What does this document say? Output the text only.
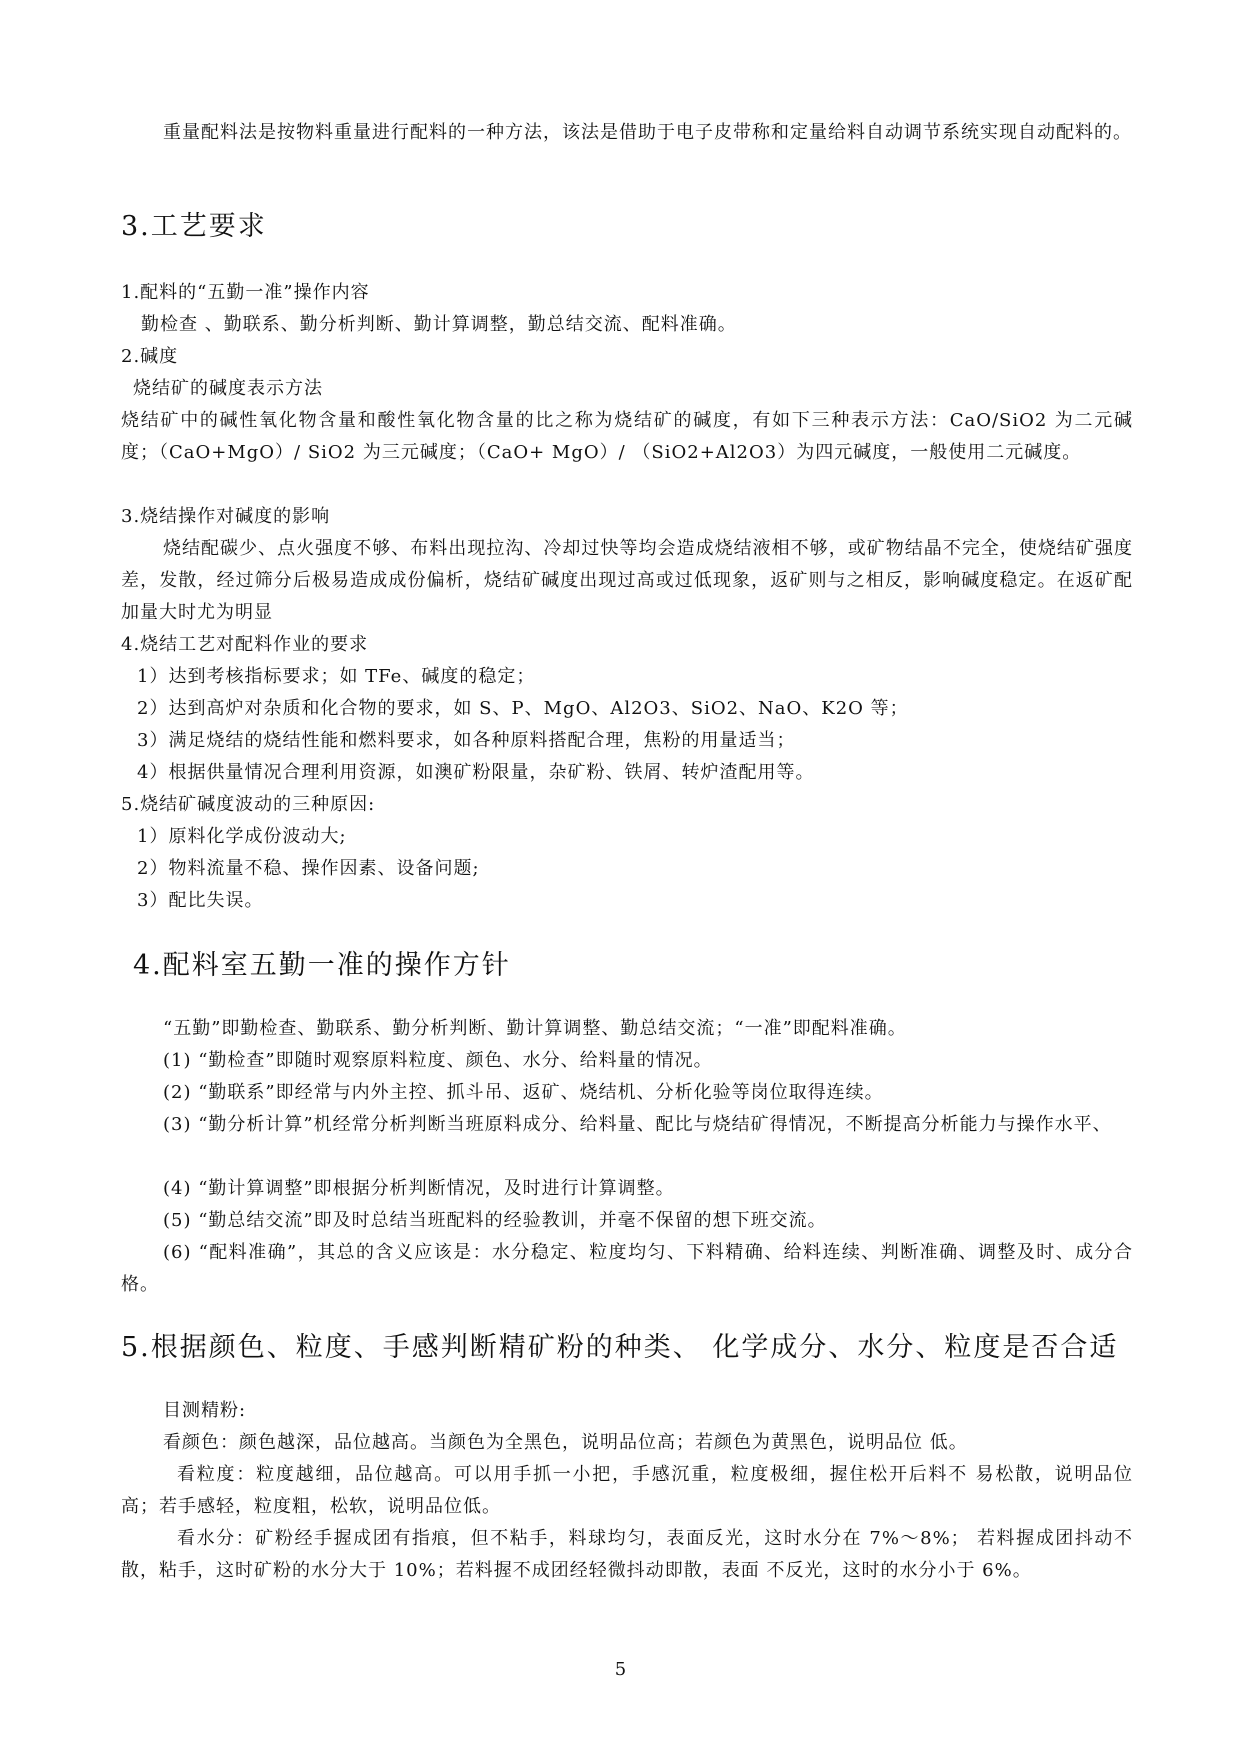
重量配料法是按物料重量进行配料的一种方法，该法是借助于电子皮带称和定量给料自动调节系统实现自动配料的。
3.工艺要求
1.配料的“五勤一准”操作内容
勤检查 、勤联系、勤分析判断、勤计算调整，勤总结交流、配料准确。
2.碱度
烧结矿的碱度表示方法
烧结矿中的碱性氧化物含量和酸性氧化物含量的比之称为烧结矿的碱度，有如下三种表示方法：CaO/SiO2 为二元碱度；（CaO+MgO）/ SiO2 为三元碱度；（CaO+ MgO）/ （SiO2+Al2O3）为四元碱度，一般使用二元碱度。
3.烧结操作对碱度的影响
烧结配碳少、点火强度不够、布料出现拉沟、冷却过快等均会造成烧结液相不够，或矿物结晶不完全，使烧结矿强度差，发散，经过筛分后极易造成成份偏析，烧结矿碱度出现过高或过低现象，返矿则与之相反，影响碱度稳定。在返矿配加量大时尤为明显
4.烧结工艺对配料作业的要求
1）达到考核指标要求；如 TFe、碱度的稳定；
2）达到高炉对杂质和化合物的要求，如 S、P、MgO、Al2O3、SiO2、NaO、K2O 等；
3）满足烧结的烧结性能和燃料要求，如各种原料搭配合理，焦粉的用量适当；
4）根据供量情况合理利用资源，如澳矿粉限量，杂矿粉、铁屑、转炉渣配用等。
5.烧结矿碱度波动的三种原因:
1）原料化学成份波动大;
2）物料流量不稳、操作因素、设备问题;
3）配比失误。
4.配料室五勤一准的操作方针
“五勤”即勤检查、勤联系、勤分析判断、勤计算调整、勤总结交流；“一准”即配料准确。
(1) “勤检查”即随时观察原料粒度、颜色、水分、给料量的情况。
(2) “勤联系”即经常与内外主控、抓斗吊、返矿、烧结机、分析化验等岗位取得连续。
(3) “勤分析计算”机经常分析判断当班原料成分、给料量、配比与烧结矿得情况，不断提高分析能力与操作水平、
(4) “勤计算调整”即根据分析判断情况，及时进行计算调整。
(5) “勤总结交流”即及时总结当班配料的经验教训，并毫不保留的想下班交流。
(6) “配料准确”，其总的含义应该是：水分稳定、粒度均匀、下料精确、给料连续、判断准确、调整及时、成分合格。
5.根据颜色、粒度、手感判断精矿粉的种类、 化学成分、水分、粒度是否合适
目测精粉:
看颜色：颜色越深，品位越高。当颜色为全黑色，说明品位高；若颜色为黄黑色，说明品位 低。
看粒度：粒度越细，品位越高。可以用手抓一小把，手感沉重，粒度极细，握住松开后料不 易松散，说明品位高；若手感轻，粒度粗，松软，说明品位低。
看水分：矿粉经手握成团有指痕，但不粘手，料球均匀，表面反光，这时水分在 7%～8%； 若料握成团抖动不散，粘手，这时矿粉的水分大于 10%；若料握不成团经轻微抖动即散，表面 不反光，这时的水分小于 6%。
5
